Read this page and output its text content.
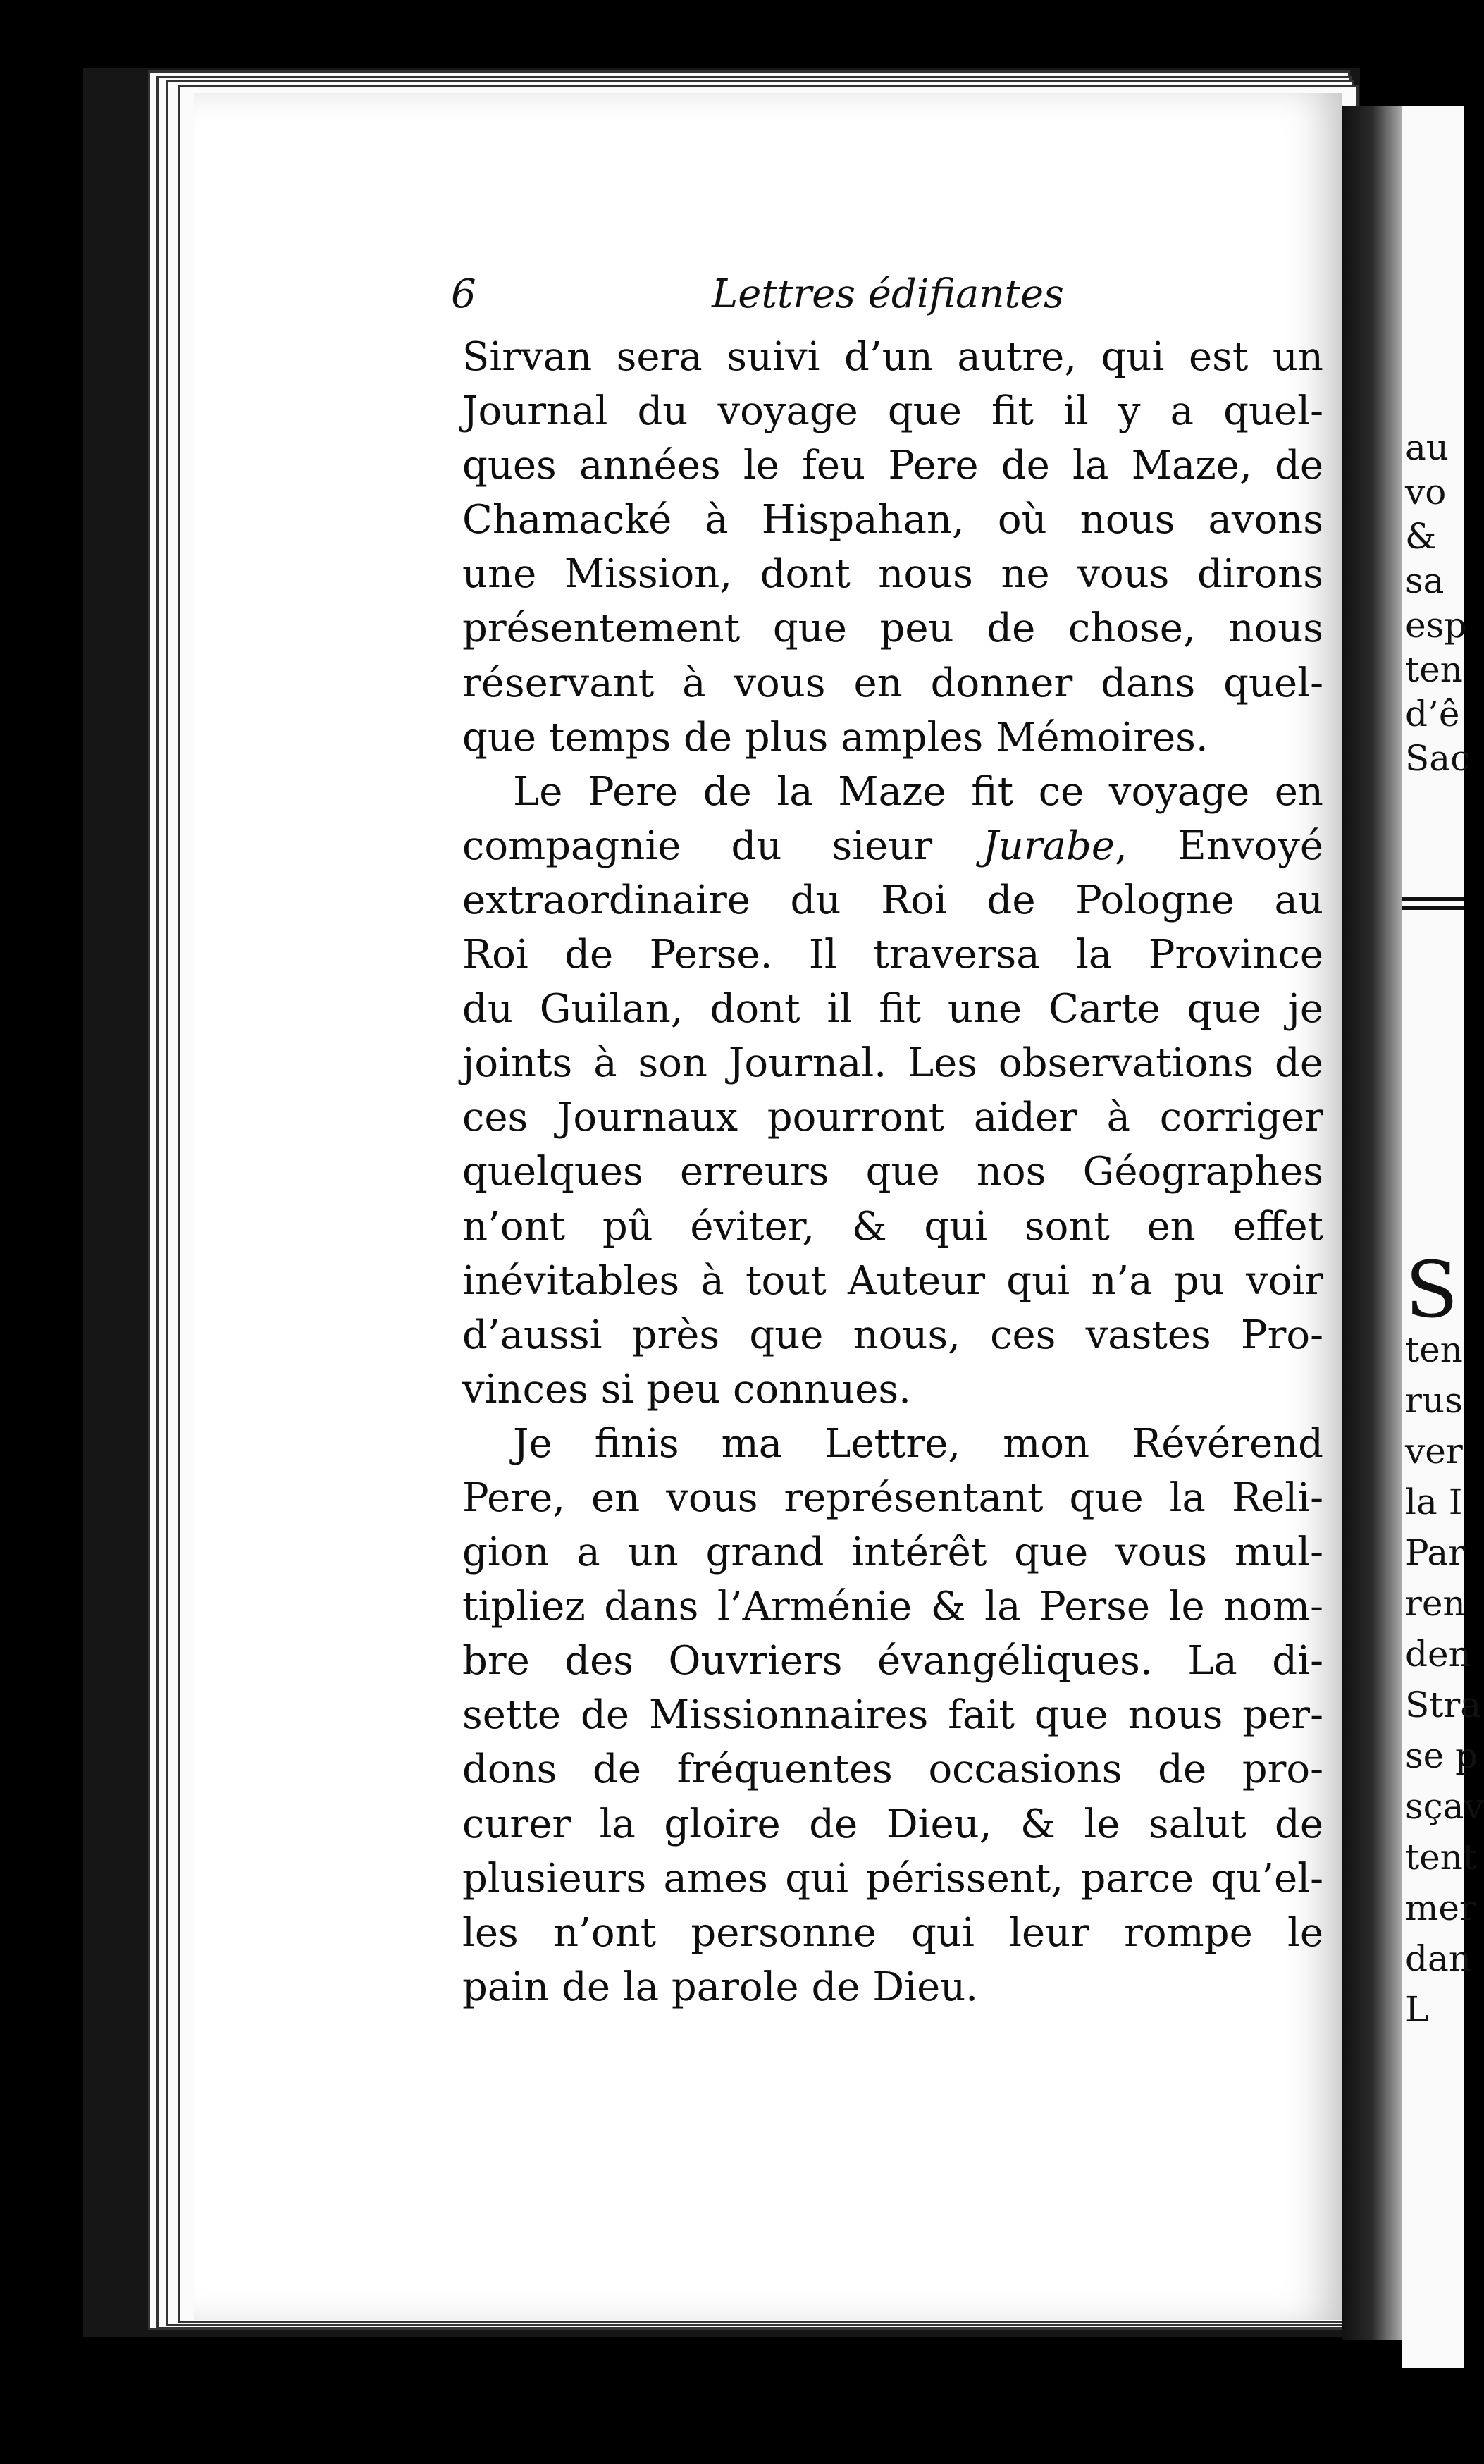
au
vo
&
sa
esp
ten
d’ê
Sac
S
ten
rus
ver
la I
Par
ren
den
Stra
se p
sçav
tent
mer
dan
L
6	Lettres édifiantes
Sirvan sera suivi d’un autre, qui est un
Journal du voyage que fit il y a quel-
ques années le feu Pere de la Maze, de
Chamacké à Hispahan, où nous avons
une Mission, dont nous ne vous dirons
présentement que peu de chose, nous
réservant à vous en donner dans quel-
que temps de plus amples Mémoires.
Le Pere de la Maze fit ce voyage en
compagnie du sieur Jurabe, Envoyé
extraordinaire du Roi de Pologne au
Roi de Perse. Il traversa la Province
du Guilan, dont il fit une Carte que je
joints à son Journal. Les observations de
ces Journaux pourront aider à corriger
quelques erreurs que nos Géographes
n’ont pû éviter, & qui sont en effet
inévitables à tout Auteur qui n’a pu voir
d’aussi près que nous, ces vastes Pro-
vinces si peu connues.
Je finis ma Lettre, mon Révérend
Pere, en vous représentant que la Reli-
gion a un grand intérêt que vous mul-
tipliez dans l’Arménie & la Perse le nom-
bre des Ouvriers évangéliques. La di-
sette de Missionnaires fait que nous per-
dons de fréquentes occasions de pro-
curer la gloire de Dieu, & le salut de
plusieurs ames qui périssent, parce qu’el-
les n’ont personne qui leur rompe le
pain de la parole de Dieu.
